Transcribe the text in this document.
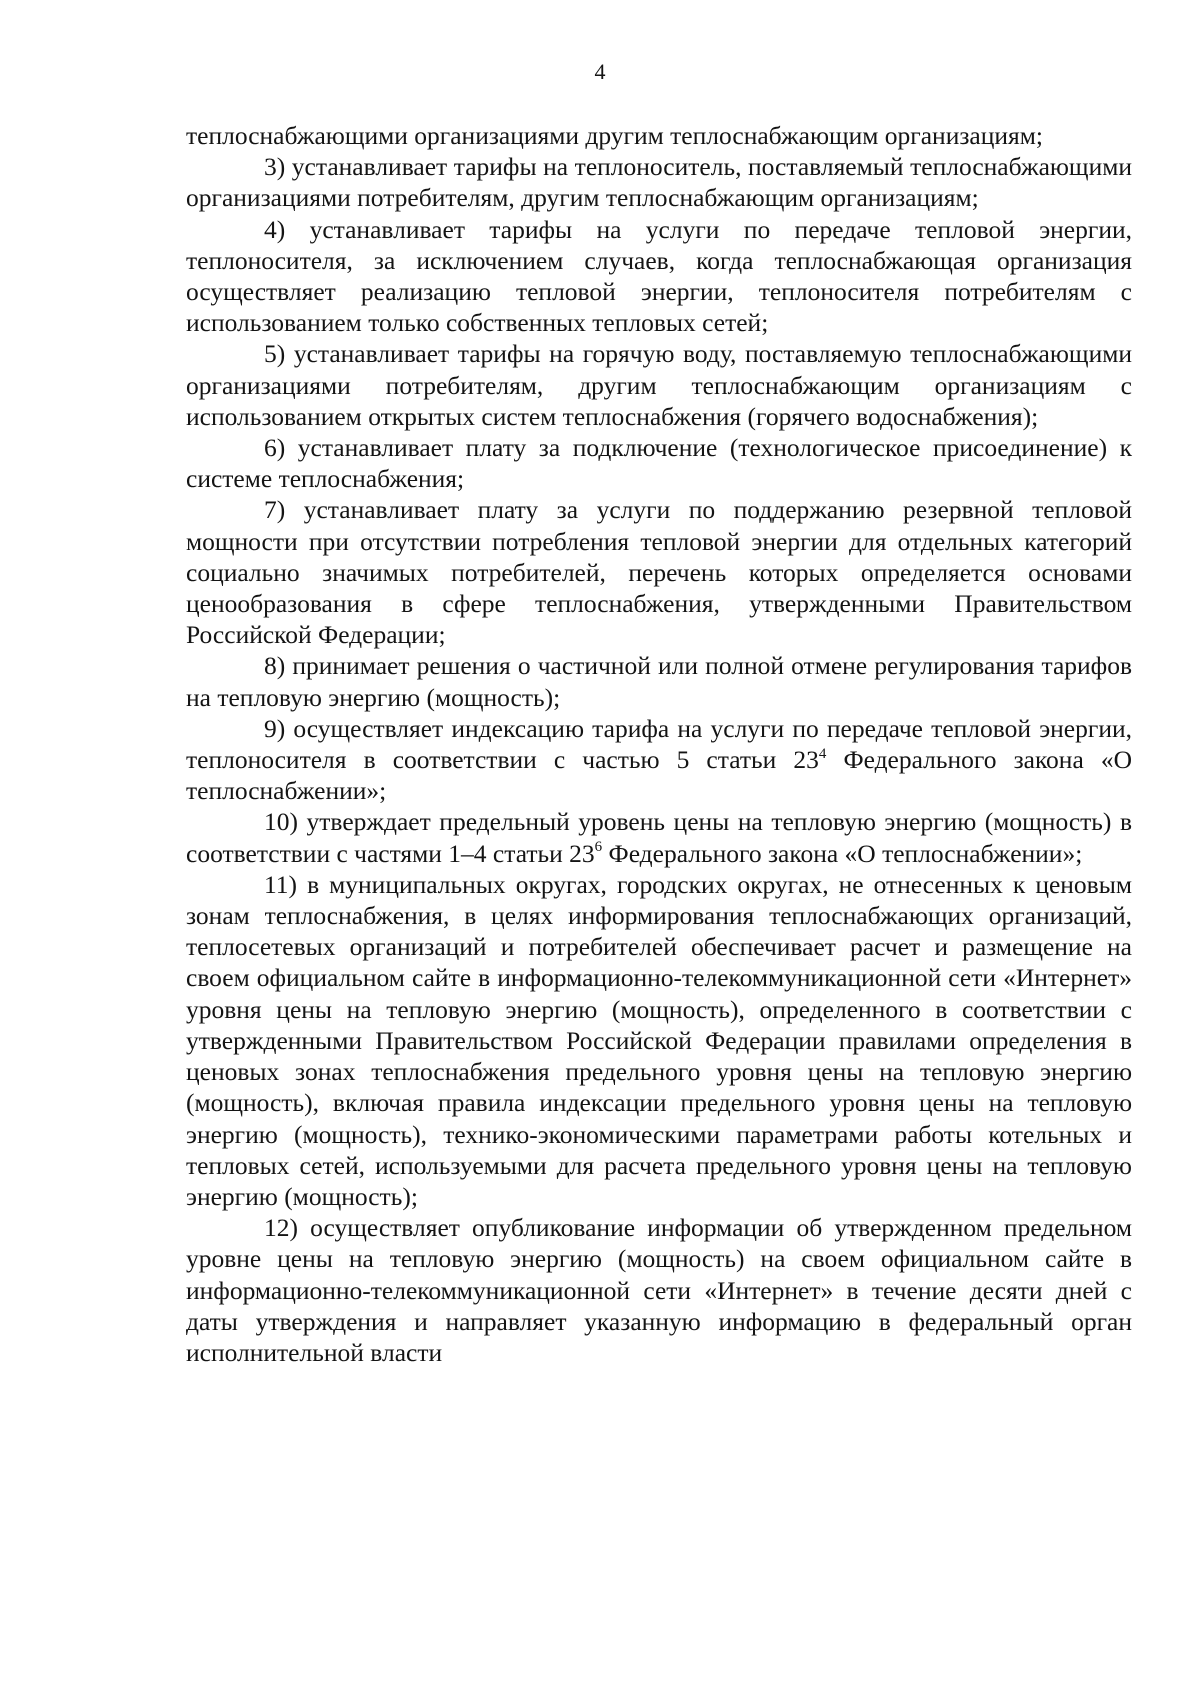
4

теплоснабжающими организациями другим теплоснабжающим организациям;

3) устанавливает тарифы на теплоноситель, поставляемый теплоснабжающими организациями потребителям, другим теплоснабжающим организациям;

4) устанавливает тарифы на услуги по передаче тепловой энергии, теплоносителя, за исключением случаев, когда теплоснабжающая организация осуществляет реализацию тепловой энергии, теплоносителя потребителям с использованием только собственных тепловых сетей;

5) устанавливает тарифы на горячую воду, поставляемую теплоснабжающими организациями потребителям, другим теплоснабжающим организациям с использованием открытых систем теплоснабжения (горячего водоснабжения);

6) устанавливает плату за подключение (технологическое присоединение) к системе теплоснабжения;

7) устанавливает плату за услуги по поддержанию резервной тепловой мощности при отсутствии потребления тепловой энергии для отдельных категорий социально значимых потребителей, перечень которых определяется основами ценообразования в сфере теплоснабжения, утвержденными Правительством Российской Федерации;

8) принимает решения о частичной или полной отмене регулирования тарифов на тепловую энергию (мощность);

9) осуществляет индексацию тарифа на услуги по передаче тепловой энергии, теплоносителя в соответствии с частью 5 статьи $23^4$ Федерального закона «О теплоснабжении»;

10) утверждает предельный уровень цены на тепловую энергию (мощность) в соответствии с частями 1–4 статьи $23^6$ Федерального закона «О теплоснабжении»;

11) в муниципальных округах, городских округах, не отнесенных к ценовым зонам теплоснабжения, в целях информирования теплоснабжающих организаций, теплосетевых организаций и потребителей обеспечивает расчет и размещение на своем официальном сайте в информационно-телекоммуникационной сети «Интернет» уровня цены на тепловую энергию (мощность), определенного в соответствии с утвержденными Правительством Российской Федерации правилами определения в ценовых зонах теплоснабжения предельного уровня цены на тепловую энергию (мощность), включая правила индексации предельного уровня цены на тепловую энергию (мощность), технико-экономическими параметрами работы котельных и тепловых сетей, используемыми для расчета предельного уровня цены на тепловую энергию (мощность);

12) осуществляет опубликование информации об утвержденном предельном уровне цены на тепловую энергию (мощность) на своем официальном сайте в информационно-телекоммуникационной сети «Интернет» в течение десяти дней с даты утверждения и направляет указанную информацию в федеральный орган исполнительной власти
